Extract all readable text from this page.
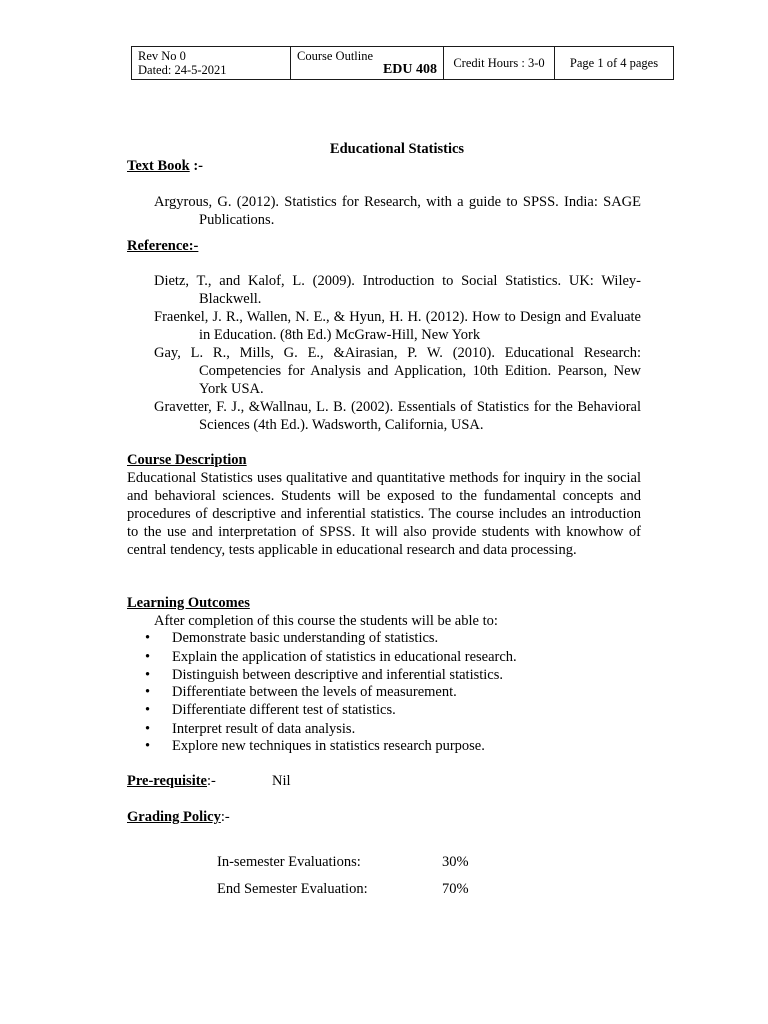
Rev No 0
Dated: 24-5-2021
Course Outline
EDU 408	Credit Hours : 3-0	Page 1 of 4 pages
Educational Statistics
Text Book :-
Argyrous, G. (2012). Statistics for Research, with a guide to SPSS. India: SAGE Publications.
Reference:-
Dietz, T., and Kalof, L. (2009). Introduction to Social Statistics. UK: Wiley-Blackwell.
Fraenkel, J. R., Wallen, N. E., & Hyun, H. H. (2012). How to Design and Evaluate in Education. (8th Ed.) McGraw-Hill, New York
Gay, L. R., Mills, G. E., &Airasian, P. W. (2010). Educational Research: Competencies for Analysis and Application, 10th Edition. Pearson, New York USA.
Gravetter, F. J., &Wallnau, L. B. (2002). Essentials of Statistics for the Behavioral Sciences (4th Ed.). Wadsworth, California, USA.
Course Description
Educational Statistics uses qualitative and quantitative methods for inquiry in the social and behavioral sciences. Students will be exposed to the fundamental concepts and procedures of descriptive and inferential statistics. The course includes an introduction to the use and interpretation of SPSS. It will also provide students with knowhow of central tendency, tests applicable in educational research and data processing.
Learning Outcomes
After completion of this course the students will be able to:
• Demonstrate basic understanding of statistics.
• Explain the application of statistics in educational research.
• Distinguish between descriptive and inferential statistics.
• Differentiate between the levels of measurement.
• Differentiate different test of statistics.
• Interpret result of data analysis.
• Explore new techniques in statistics research purpose.
Pre-requisite:-	Nil
Grading Policy:-
In-semester Evaluations:	30%
End Semester Evaluation:	70%
